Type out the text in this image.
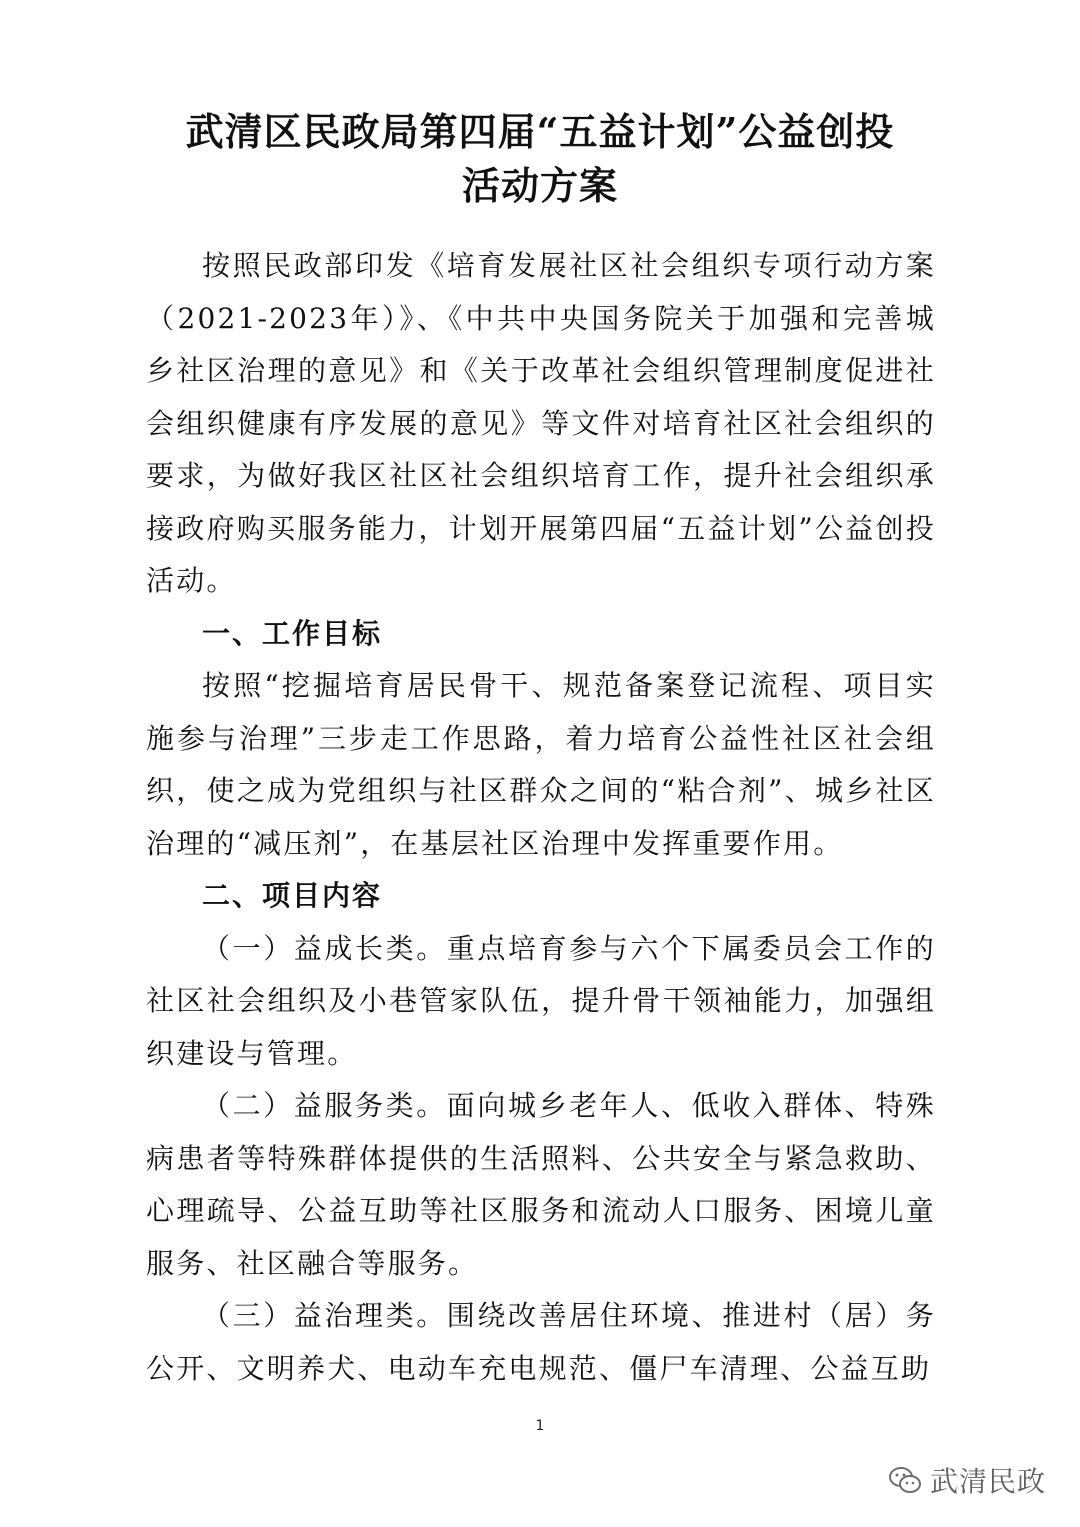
武清区民政局第四届“五益计划”公益创投
活动方案

按照民政部印发《培育发展社区社会组织专项行动方案（2021-2023年）》、《中共中央国务院关于加强和完善城乡社区治理的意见》和《关于改革社会组织管理制度促进社会组织健康有序发展的意见》等文件对培育社区社会组织的要求，为做好我区社区社会组织培育工作，提升社会组织承接政府购买服务能力，计划开展第四届“五益计划”公益创投活动。

一、工作目标

按照“挖掘培育居民骨干、规范备案登记流程、项目实施参与治理”三步走工作思路，着力培育公益性社区社会组织，使之成为党组织与社区群众之间的“粘合剂”、城乡社区治理的“减压剂”，在基层社区治理中发挥重要作用。

二、项目内容

（一）益成长类。重点培育参与六个下属委员会工作的社区社会组织及小巷管家队伍，提升骨干领袖能力，加强组织建设与管理。

（二）益服务类。面向城乡老年人、低收入群体、特殊病患者等特殊群体提供的生活照料、公共安全与紧急救助、心理疏导、公益互助等社区服务和流动人口服务、困境儿童服务、社区融合等服务。

（三）益治理类。围绕改善居住环境、推进村（居）务公开、文明养犬、电动车充电规范、僵尸车清理、公益互助

1
武清民政
